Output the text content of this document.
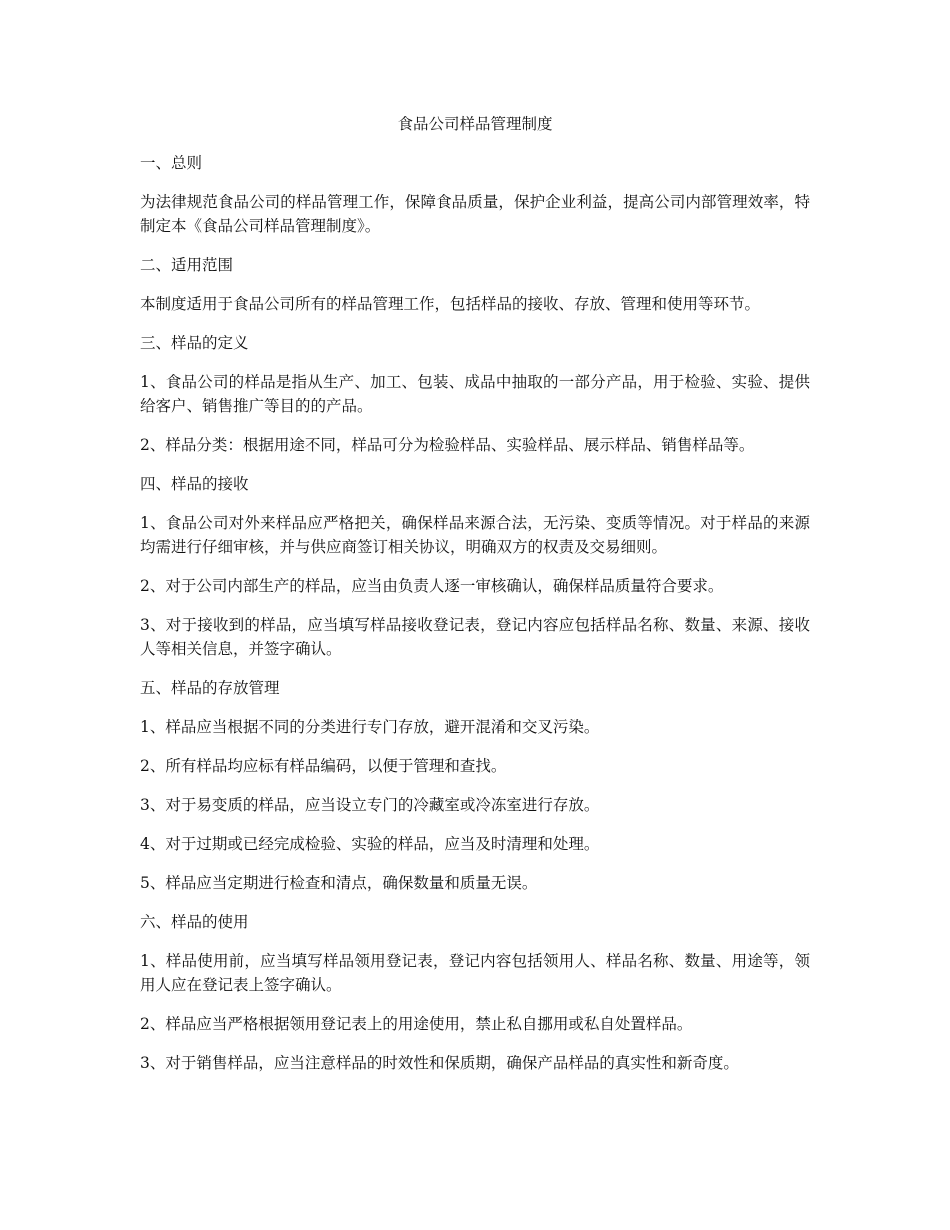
食品公司样品管理制度

一、总则

为法律规范食品公司的样品管理工作，保障食品质量，保护企业利益，提高公司内部管理效率，特制定本《食品公司样品管理制度》。

二、适用范围

本制度适用于食品公司所有的样品管理工作，包括样品的接收、存放、管理和使用等环节。

三、样品的定义

1、食品公司的样品是指从生产、加工、包装、成品中抽取的一部分产品，用于检验、实验、提供给客户、销售推广等目的的产品。

2、样品分类：根据用途不同，样品可分为检验样品、实验样品、展示样品、销售样品等。

四、样品的接收

1、食品公司对外来样品应严格把关，确保样品来源合法，无污染、变质等情况。对于样品的来源均需进行仔细审核，并与供应商签订相关协议，明确双方的权责及交易细则。

2、对于公司内部生产的样品，应当由负责人逐一审核确认，确保样品质量符合要求。

3、对于接收到的样品，应当填写样品接收登记表，登记内容应包括样品名称、数量、来源、接收人等相关信息，并签字确认。

五、样品的存放管理

1、样品应当根据不同的分类进行专门存放，避开混淆和交叉污染。

2、所有样品均应标有样品编码，以便于管理和查找。

3、对于易变质的样品，应当设立专门的冷藏室或冷冻室进行存放。

4、对于过期或已经完成检验、实验的样品，应当及时清理和处理。

5、样品应当定期进行检查和清点，确保数量和质量无误。

六、样品的使用

1、样品使用前，应当填写样品领用登记表，登记内容包括领用人、样品名称、数量、用途等，领用人应在登记表上签字确认。

2、样品应当严格根据领用登记表上的用途使用，禁止私自挪用或私自处置样品。

3、对于销售样品，应当注意样品的时效性和保质期，确保产品样品的真实性和新奇度。
